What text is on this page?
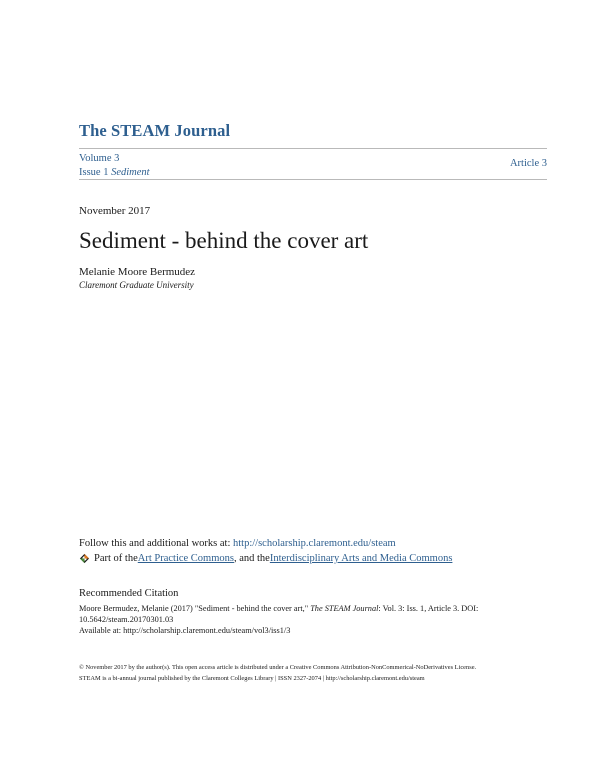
The STEAM Journal
Volume 3
Issue 1 Sediment
Article 3
November 2017
Sediment - behind the cover art
Melanie Moore Bermudez
Claremont Graduate University
Follow this and additional works at: http://scholarship.claremont.edu/steam
Part of the Art Practice Commons , and the Interdisciplinary Arts and Media Commons
Recommended Citation
Moore Bermudez, Melanie (2017) "Sediment - behind the cover art," The STEAM Journal: Vol. 3: Iss. 1, Article 3. DOI: 10.5642/steam.20170301.03
Available at: http://scholarship.claremont.edu/steam/vol3/iss1/3
© November 2017 by the author(s). This open access article is distributed under a Creative Commons Attribution-NonCommerical-NoDerivatives License.
STEAM is a bi-annual journal published by the Claremont Colleges Library | ISSN 2327-2074 | http://scholarship.claremont.edu/steam
